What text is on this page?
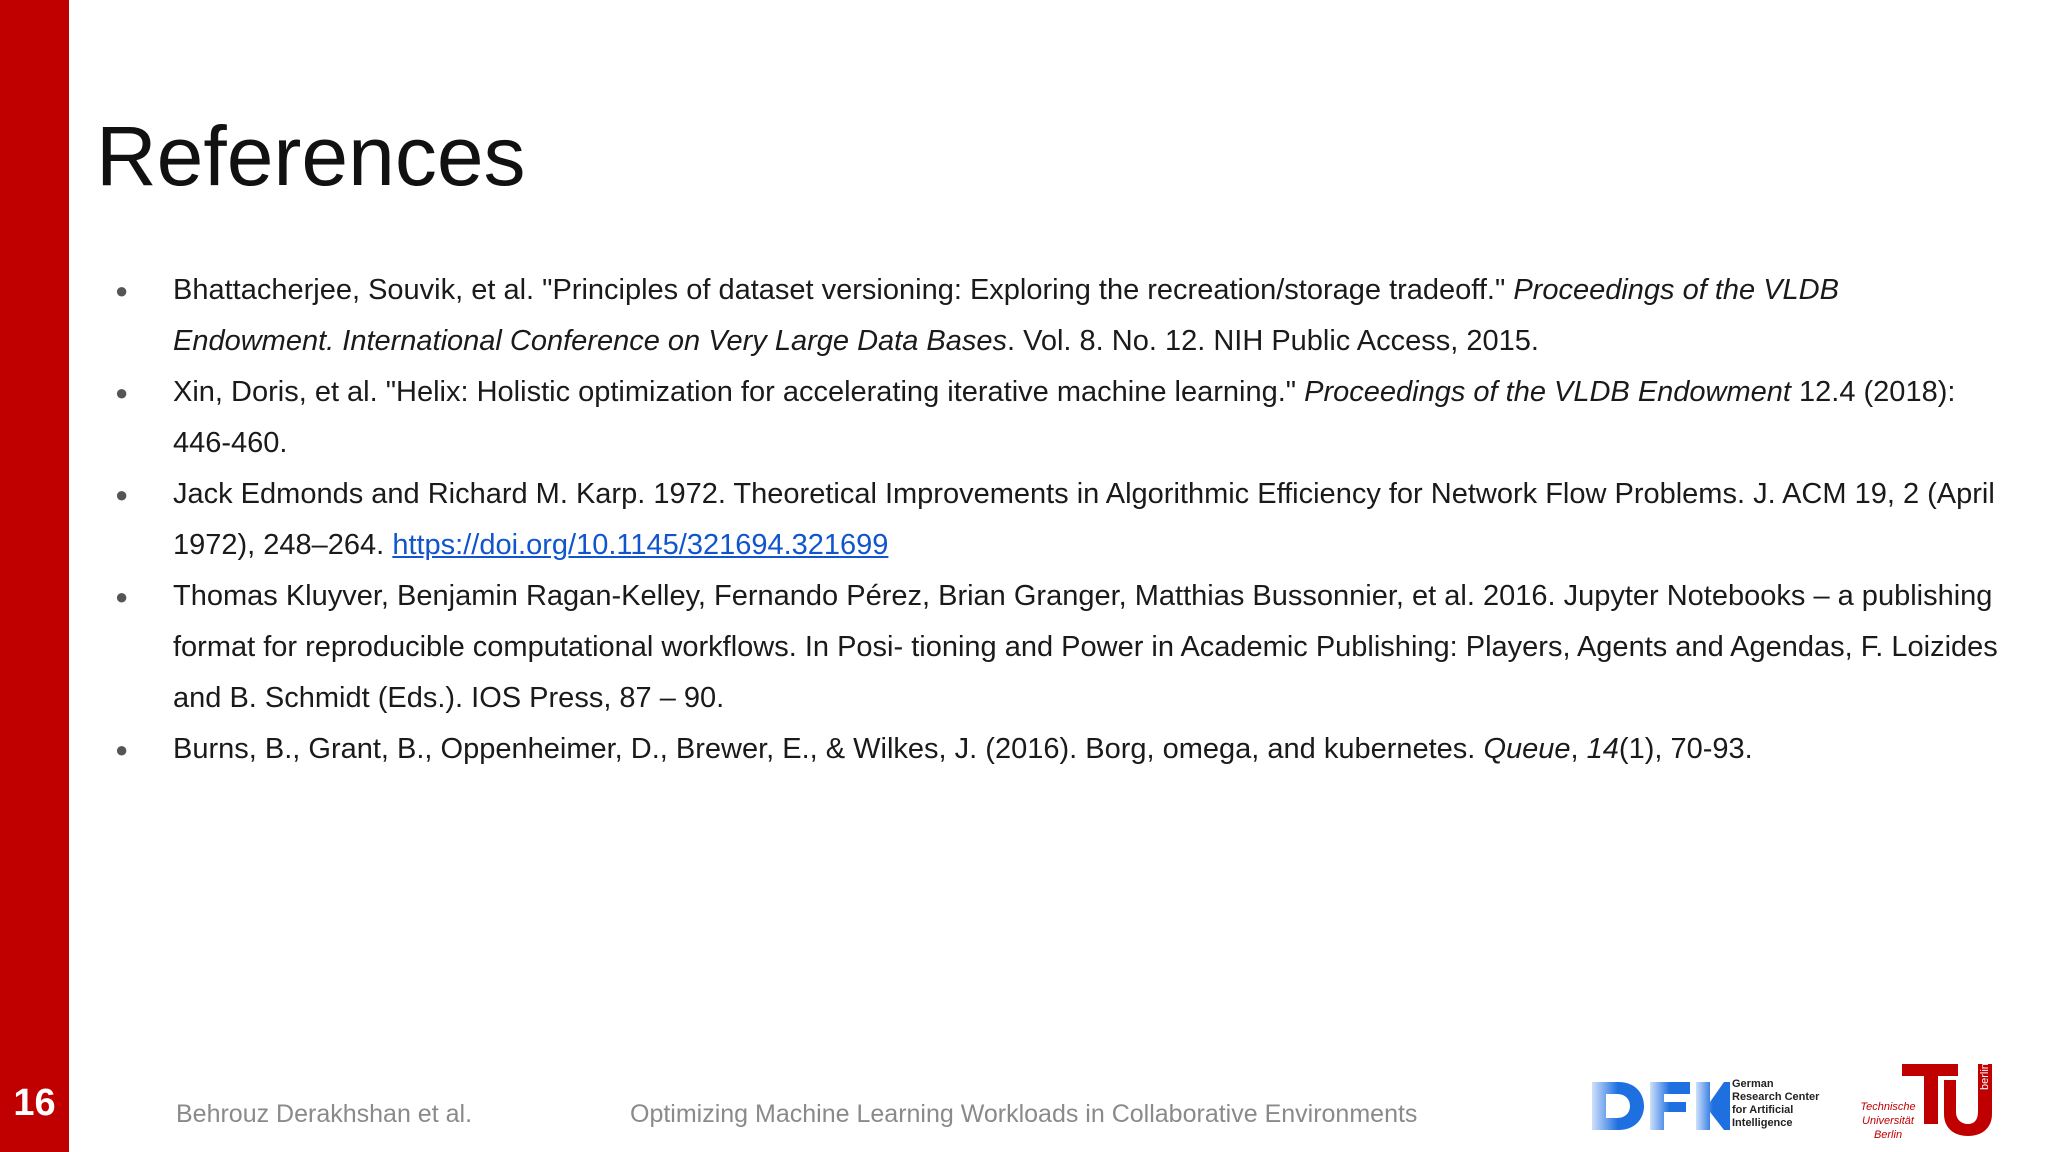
16
References
● Bhattacherjee, Souvik, et al. "Principles of dataset versioning: Exploring the recreation/storage tradeoff." Proceedings of the VLDB Endowment. International Conference on Very Large Data Bases. Vol. 8. No. 12. NIH Public Access, 2015.
● Xin, Doris, et al. "Helix: Holistic optimization for accelerating iterative machine learning." Proceedings of the VLDB Endowment 12.4 (2018): 446-460.
● Jack Edmonds and Richard M. Karp. 1972. Theoretical Improvements in Algorithmic Efficiency for Network Flow Problems. J. ACM 19, 2 (April 1972), 248–264. https://doi.org/10.1145/321694.321699
● Thomas Kluyver, Benjamin Ragan-Kelley, Fernando Pérez, Brian Granger, Matthias Bussonnier, et al. 2016. Jupyter Notebooks – a publishing format for reproducible computational workflows. In Posi- tioning and Power in Academic Publishing: Players, Agents and Agendas, F. Loizides and B. Schmidt (Eds.). IOS Press, 87 – 90.
● Burns, B., Grant, B., Oppenheimer, D., Brewer, E., & Wilkes, J. (2016). Borg, omega, and kubernetes. Queue, 14(1), 70-93.
Behrouz Derakhshan et al.	Optimizing Machine Learning Workloads in Collaborative Environments
German
Research Center
for Artificial
Intelligence
Technische
Universität
Berlin
berlin
